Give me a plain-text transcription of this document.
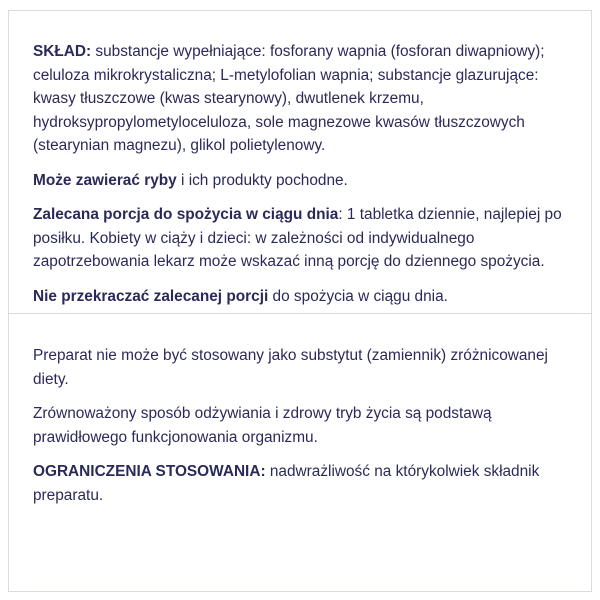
SKŁAD: substancje wypełniające: fosforany wapnia (fosforan diwapniowy); celuloza mikrokrystaliczna; L-metylofolian wapnia; substancje glazurujące: kwasy tłuszczowe (kwas stearynowy), dwutlenek krzemu, hydroksypropylometyloceluloza, sole magnezowe kwasów tłuszczowych (stearynian magnezu), glikol polietylenowy.

Może zawierać ryby i ich produkty pochodne.

Zalecana porcja do spożycia w ciągu dnia: 1 tabletka dziennie, najlepiej po posiłku. Kobiety w ciąży i dzieci: w zależności od indywidualnego zapotrzebowania lekarz może wskazać inną porcję do dziennego spożycia.

Nie przekraczać zalecanej porcji do spożycia w ciągu dnia.

Preparat nie może być stosowany jako substytut (zamiennik) zróżnicowanej diety.

Zrównoważony sposób odżywiania i zdrowy tryb życia są podstawą prawidłowego funkcjonowania organizmu.

OGRANICZENIA STOSOWANIA: nadwrażliwość na którykolwiek składnik preparatu.
